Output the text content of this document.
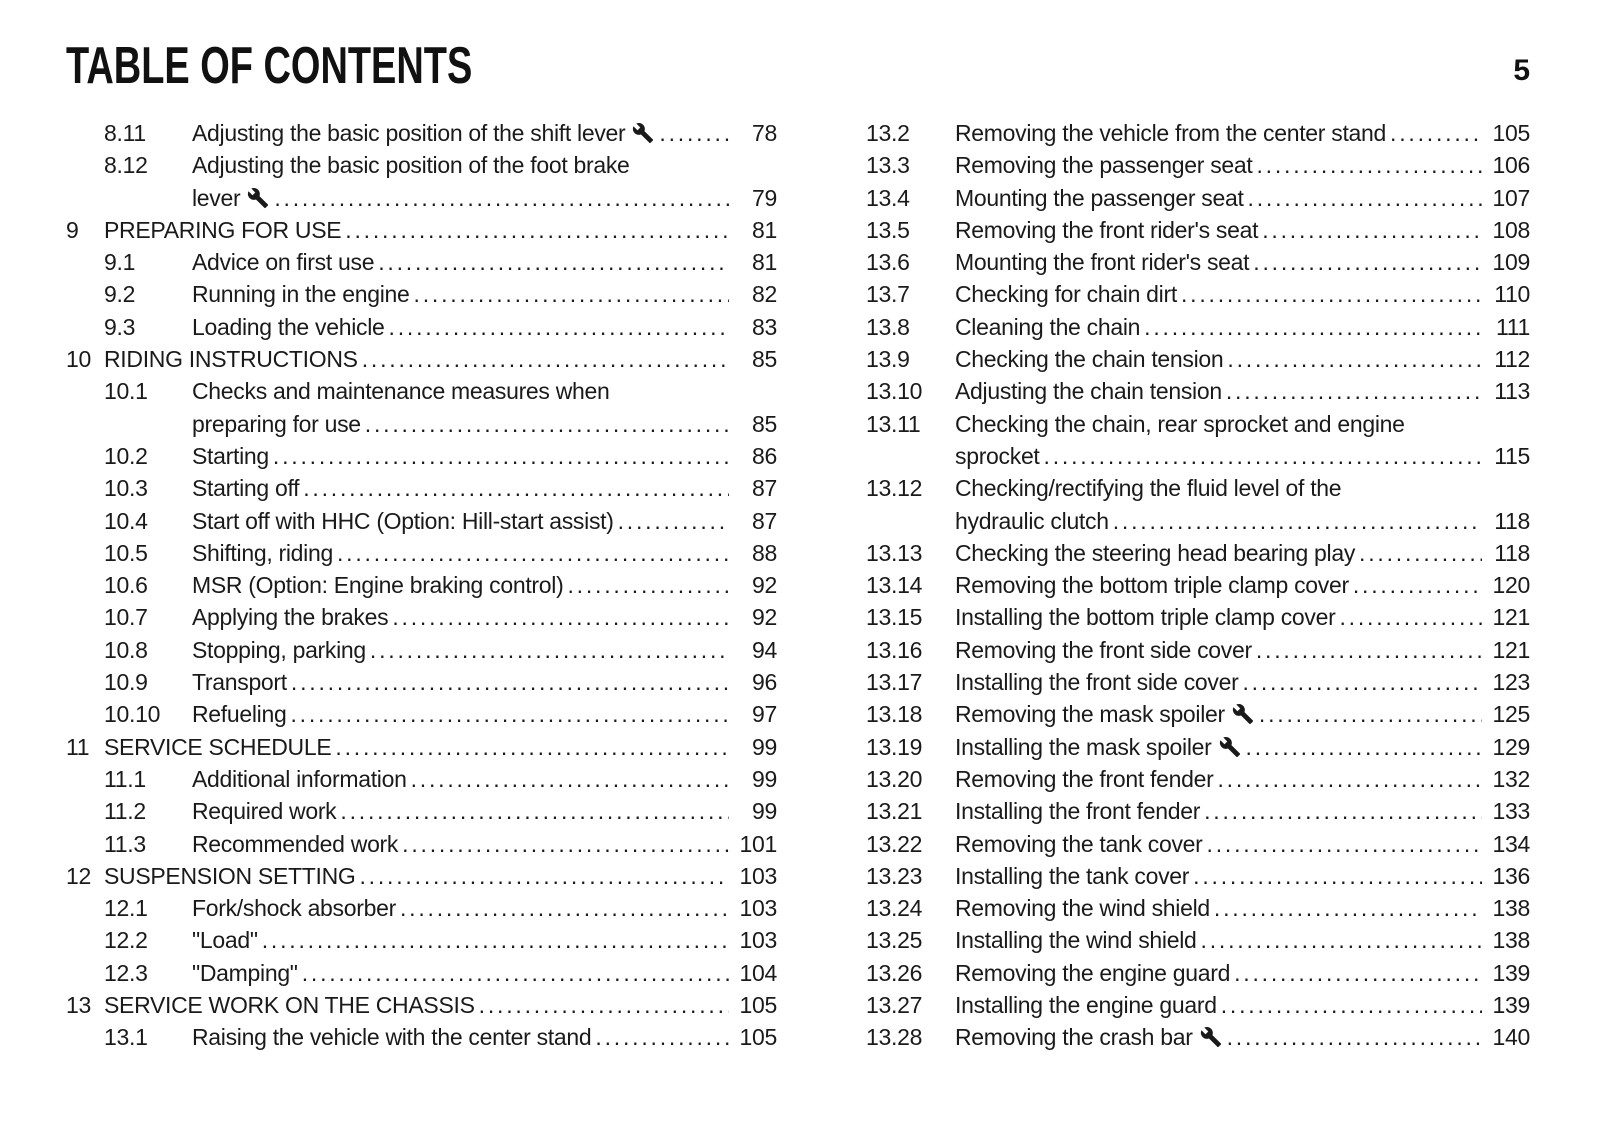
TABLE OF CONTENTS	5
8.11	Adjusting the basic position of the shift lever .....	78
8.12	Adjusting the basic position of the foot brake
lever .....	79
9	PREPARING FOR USE .....	81
9.1	Advice on first use .....	81
9.2	Running in the engine .....	82
9.3	Loading the vehicle .....	83
10 RIDING INSTRUCTIONS .....	85
10.1	Checks and maintenance measures when
preparing for use .....	85
10.2	Starting .....	86
10.3	Starting off .....	87
10.4	Start off with HHC (Option: Hill-start assist) .....	87
10.5	Shifting, riding .....	88
10.6	MSR (Option: Engine braking control) .....	92
10.7	Applying the brakes .....	92
10.8	Stopping, parking .....	94
10.9	Transport .....	96
10.10	Refueling .....	97
11 SERVICE SCHEDULE .....	99
11.1	Additional information .....	99
11.2	Required work .....	99
11.3	Recommended work .....	101
12 SUSPENSION SETTING .....	103
12.1	Fork/shock absorber .....	103
12.2	"Load" .....	103
12.3	"Damping" .....	104
13 SERVICE WORK ON THE CHASSIS .....	105
13.1	Raising the vehicle with the center stand .....	105
13.2	Removing the vehicle from the center stand .....	105
13.3	Removing the passenger seat .....	106
13.4	Mounting the passenger seat .....	107
13.5	Removing the front rider's seat .....	108
13.6	Mounting the front rider's seat .....	109
13.7	Checking for chain dirt .....	110
13.8	Cleaning the chain .....	111
13.9	Checking the chain tension .....	112
13.10	Adjusting the chain tension .....	113
13.11	Checking the chain, rear sprocket and engine
sprocket .....	115
13.12	Checking/rectifying the fluid level of the
hydraulic clutch .....	118
13.13	Checking the steering head bearing play .....	118
13.14	Removing the bottom triple clamp cover .....	120
13.15	Installing the bottom triple clamp cover .....	121
13.16	Removing the front side cover .....	121
13.17	Installing the front side cover .....	123
13.18	Removing the mask spoiler .....	125
13.19	Installing the mask spoiler .....	129
13.20	Removing the front fender .....	132
13.21	Installing the front fender .....	133
13.22	Removing the tank cover .....	134
13.23	Installing the tank cover .....	136
13.24	Removing the wind shield .....	138
13.25	Installing the wind shield .....	138
13.26	Removing the engine guard .....	139
13.27	Installing the engine guard .....	139
13.28	Removing the crash bar .....	140
